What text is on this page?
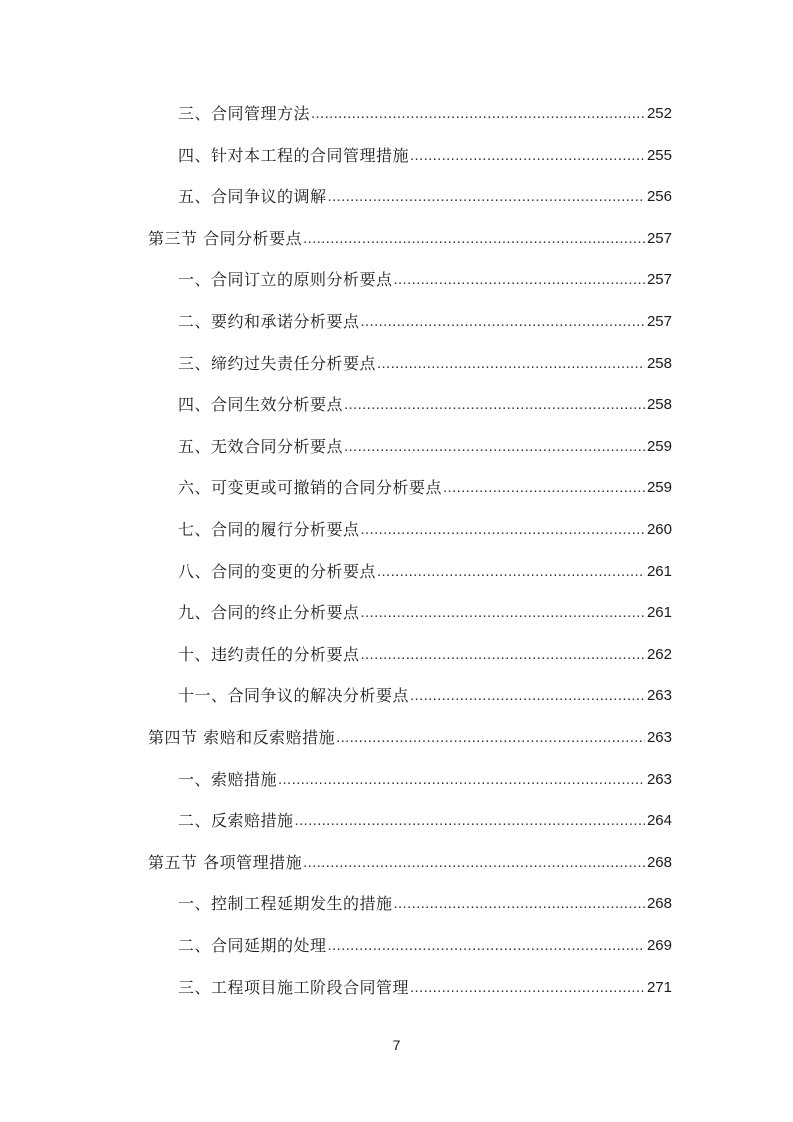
三、合同管理方法 .....	252
四、针对本工程的合同管理措施 .....	255
五、合同争议的调解 .....	256
第三节 合同分析要点 .....	257
一、合同订立的原则分析要点 .....	257
二、要约和承诺分析要点 .....	257
三、缔约过失责任分析要点 .....	258
四、合同生效分析要点 .....	258
五、无效合同分析要点 .....	259
六、可变更或可撤销的合同分析要点 .....	259
七、合同的履行分析要点 .....	260
八、合同的变更的分析要点 .....	261
九、合同的终止分析要点 .....	261
十、违约责任的分析要点 .....	262
十一、合同争议的解决分析要点 .....	263
第四节 索赔和反索赔措施 .....	263
一、索赔措施 .....	263
二、反索赔措施 .....	264
第五节 各项管理措施 .....	268
一、控制工程延期发生的措施 .....	268
二、合同延期的处理 .....	269
三、工程项目施工阶段合同管理 .....	271
7
